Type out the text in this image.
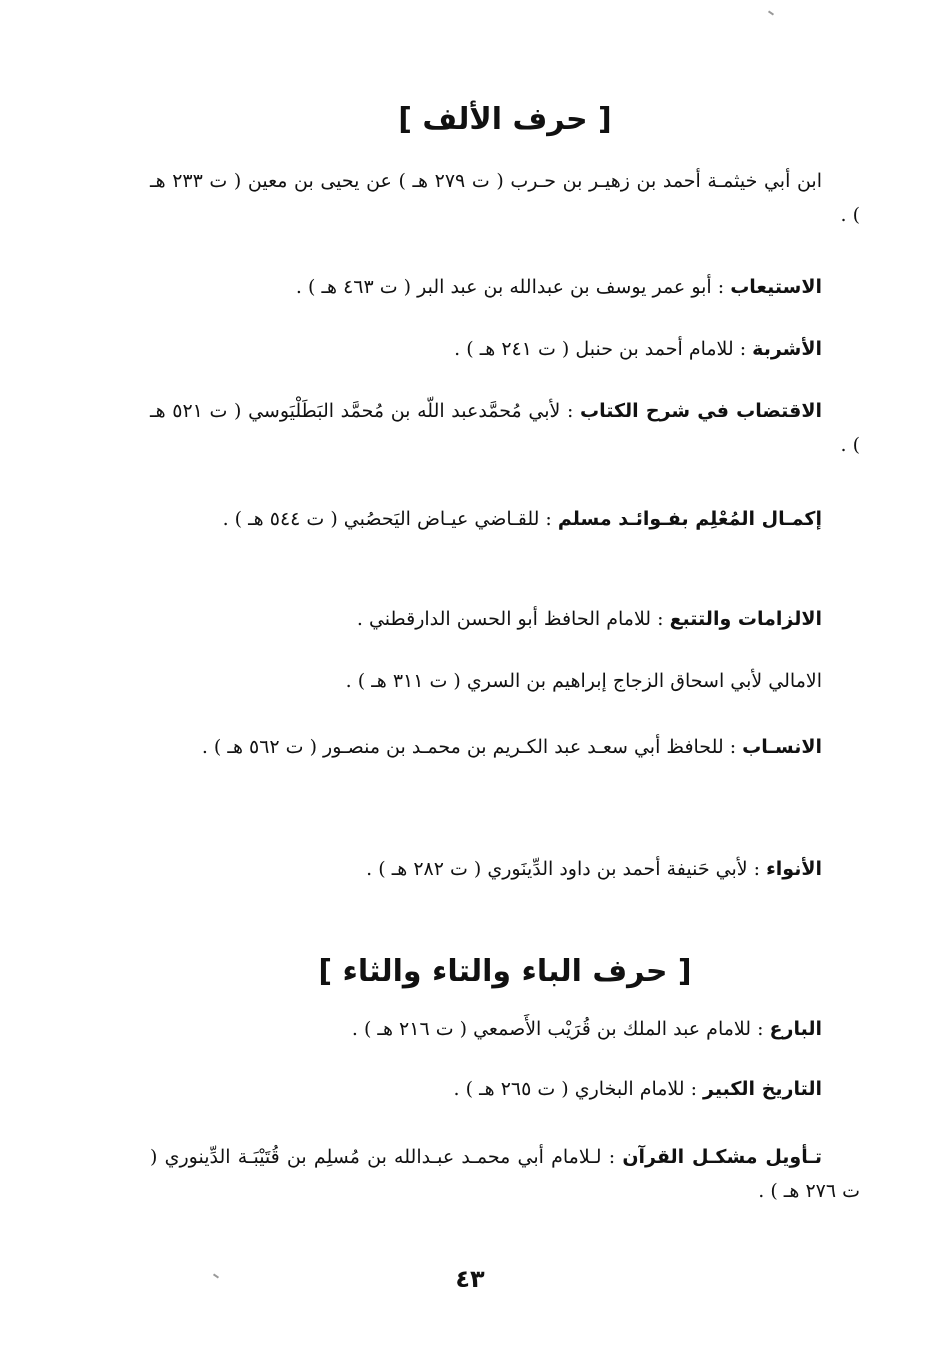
[ حرف الألف ]
ابن أبي خيثمـة أحمد بن زهيـر بن حـرب ( ت ٢٧٩ هـ ) عن يحيى بن معين ( ت ٢٣٣ هـ ) .
الاستيعاب : أبو عمر يوسف بن عبدالله بن عبد البر ( ت ٤٦٣ هـ ) .
الأشربة : للامام أحمد بن حنبل ( ت ٢٤١ هـ ) .
الاقتضاب في شرح الكتاب : لأبي مُحمَّدعبد اللّه بن مُحمَّد البَطَلْيَوسي ( ت ٥٢١ هـ ) .
إكمـال المُعْلِم بفـوائـد مسلم : للقـاضي عيـاض اليَحصُبي ( ت ٥٤٤ هـ ) .
الالزامات والتتبع : للامام الحافظ أبو الحسن الدارقطني .
الامالي لأبي اسحاق الزجاج إبراهيم بن السري ( ت ٣١١ هـ ) .
الانسـاب : للحافظ أبي سعـد عبد الكـريم بن محمـد بن منصـور ( ت ٥٦٢ هـ ) .
الأنواء : لأبي حَنيفة أحمد بن داود الدِّينَوري ( ت ٢٨٢ هـ ) .
[ حرف الباء والتاء والثاء ]
البارع : للامام عبد الملك بن قُرَيْب الأَصمعي ( ت ٢١٦ هـ ) .
التاريخ الكبير : للامام البخاري ( ت ٢٦٥ هـ ) .
تـأويل مشكـل القرآن : لـلامام أبي محمـد عبـدالله بن مُسلِم بن قُتَيْبَـة الدِّينوري ( ت ٢٧٦ هـ ) .
٤٣
